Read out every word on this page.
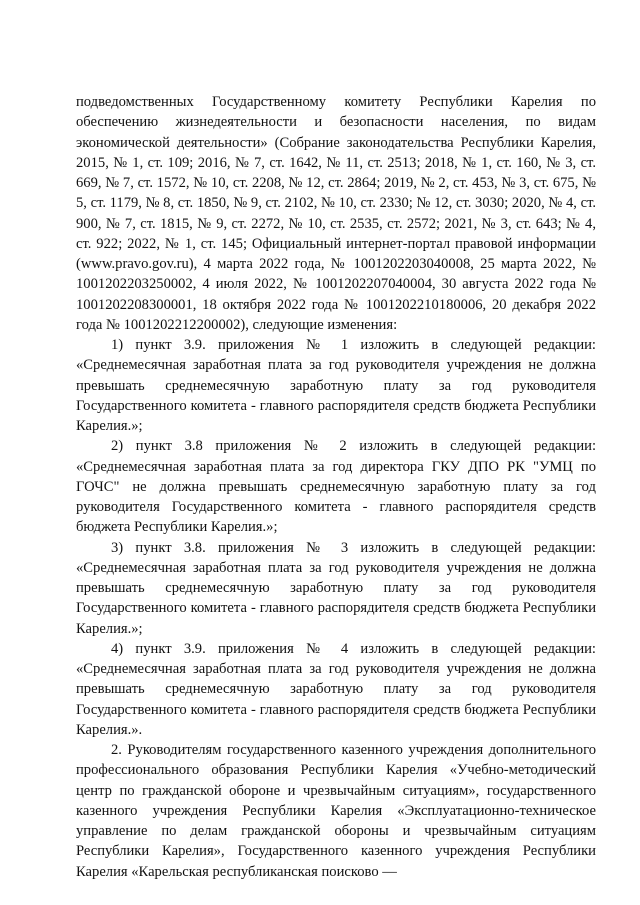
подведомственных Государственному комитету Республики Карелия по обеспечению жизнедеятельности и безопасности населения, по видам экономической деятельности» (Собрание законодательства Республики Карелия, 2015, № 1, ст. 109; 2016, № 7, ст. 1642, № 11, ст. 2513; 2018, № 1, ст. 160, № 3, ст. 669, № 7, ст. 1572, № 10, ст. 2208, № 12, ст. 2864; 2019, № 2, ст. 453, № 3, ст. 675, № 5, ст. 1179, № 8, ст. 1850, № 9, ст. 2102, № 10, ст. 2330; № 12, ст. 3030; 2020, № 4, ст. 900, № 7, ст. 1815, № 9, ст. 2272, № 10, ст. 2535, ст. 2572; 2021, № 3, ст. 643; № 4, ст. 922; 2022, № 1, ст. 145; Официальный интернет-портал правовой информации (www.pravo.gov.ru), 4 марта 2022 года, № 1001202203040008, 25 марта 2022, № 1001202203250002, 4 июля 2022, № 1001202207040004, 30 августа 2022 года № 1001202208300001, 18 октября 2022 года № 1001202210180006, 20 декабря 2022 года № 1001202212200002), следующие изменения:

1) пункт 3.9. приложения № 1 изложить в следующей редакции: «Среднемесячная заработная плата за год руководителя учреждения не должна превышать среднемесячную заработную плату за год руководителя Государственного комитета - главного распорядителя средств бюджета Республики Карелия.»;

2) пункт 3.8 приложения № 2 изложить в следующей редакции: «Среднемесячная заработная плата за год директора ГКУ ДПО РК "УМЦ по ГОЧС" не должна превышать среднемесячную заработную плату за год руководителя Государственного комитета - главного распорядителя средств бюджета Республики Карелия.»;

3) пункт 3.8. приложения № 3 изложить в следующей редакции: «Среднемесячная заработная плата за год руководителя учреждения не должна превышать среднемесячную заработную плату за год руководителя Государственного комитета - главного распорядителя средств бюджета Республики Карелия.»;

4) пункт 3.9. приложения № 4 изложить в следующей редакции: «Среднемесячная заработная плата за год руководителя учреждения не должна превышать среднемесячную заработную плату за год руководителя Государственного комитета - главного распорядителя средств бюджета Республики Карелия.».

2. Руководителям государственного казенного учреждения дополнительного профессионального образования Республики Карелия «Учебно-методический центр по гражданской обороне и чрезвычайным ситуациям», государственного казенного учреждения Республики Карелия «Эксплуатационно-техническое управление по делам гражданской обороны и чрезвычайным ситуациям Республики Карелия», Государственного казенного учреждения Республики Карелия «Карельская республиканская поисково —
